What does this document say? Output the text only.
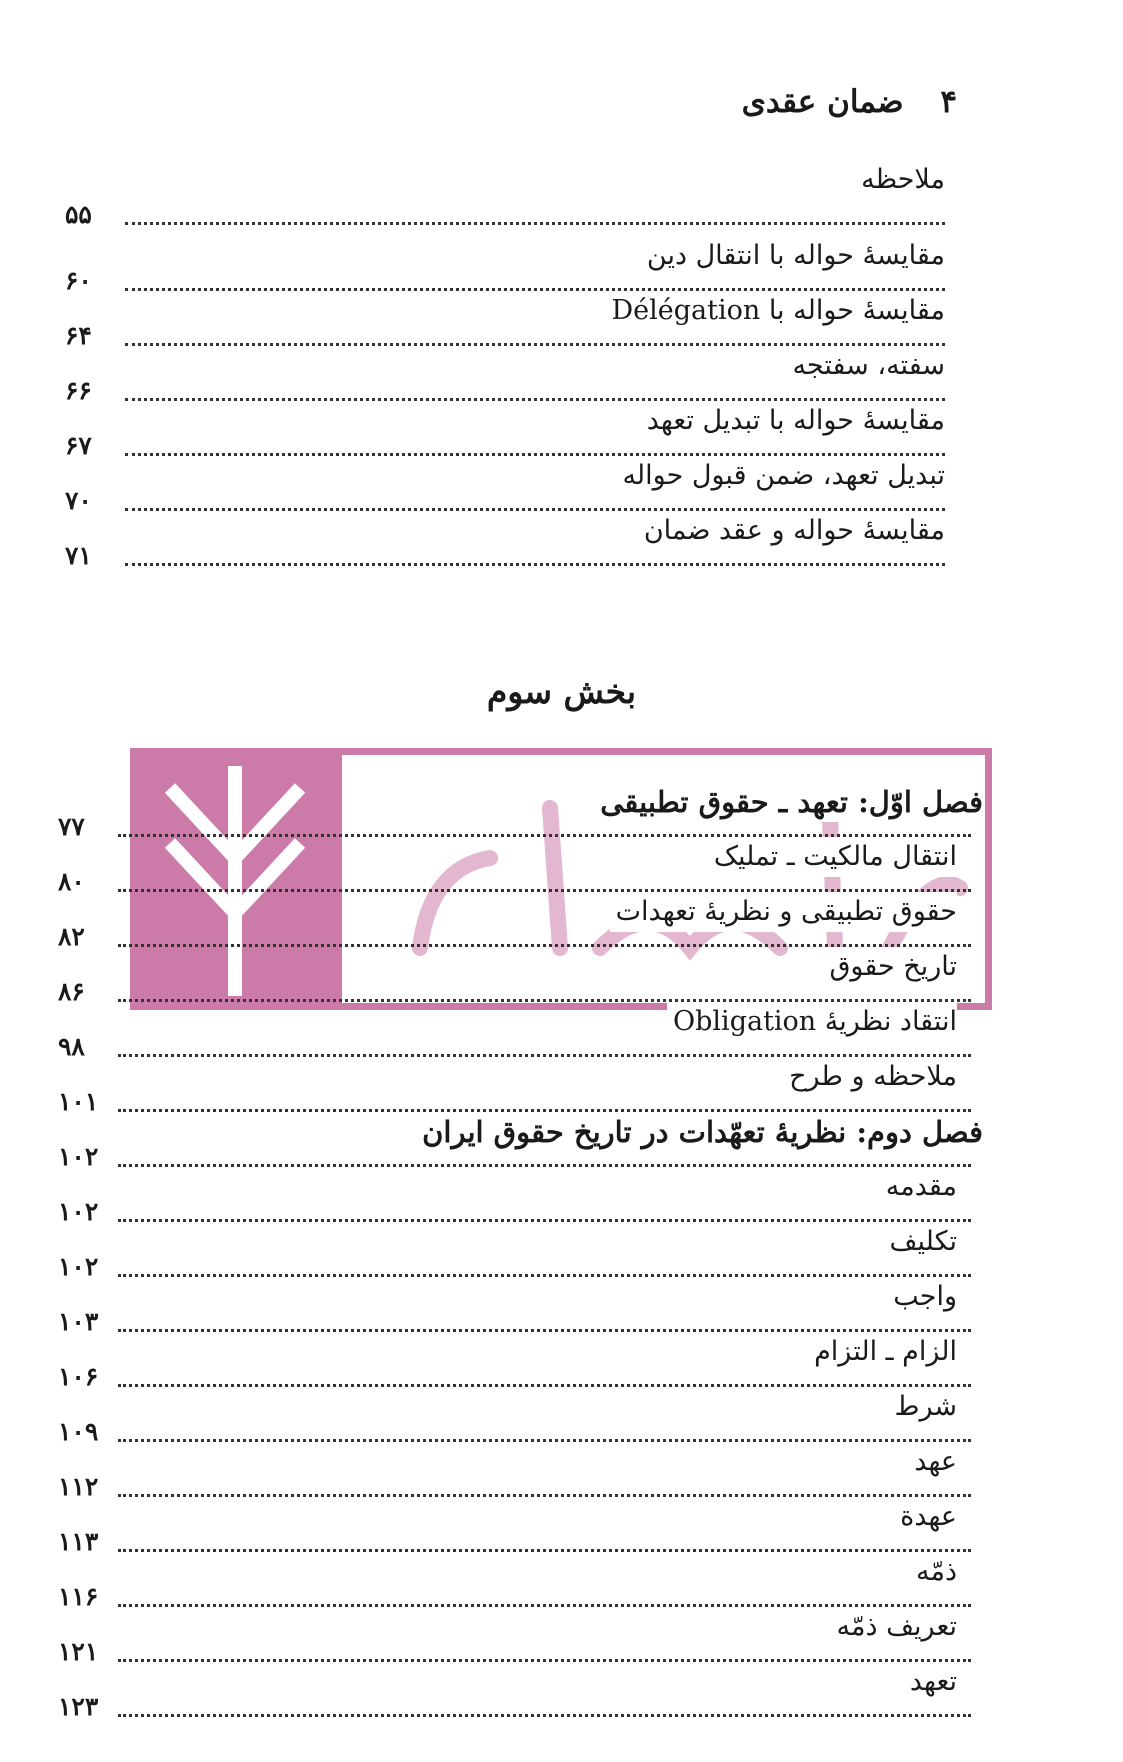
۴ ضمان عقدی
ملاحظه
۵۵
مقایسهٔ حواله با انتقال دین
۶۰
مقایسهٔ حواله با Délégation
۶۴
سفته، سفتجه
۶۶
مقایسهٔ حواله با تبدیل تعهد
۶۷
تبدیل تعهد، ضمن قبول حواله
۷۰
مقایسهٔ حواله و عقد ضمان
۷۱
بخش سوم
فصل اوّل: تعهد ـ حقوق تطبیقی
۷۷
انتقال مالکیت ـ تملیک
۸۰
حقوق تطبیقی و نظریهٔ تعهدات
۸۲
تاریخ حقوق
۸۶
انتقاد نظریهٔ Obligation
۹۸
ملاحظه و طرح
۱۰۱
فصل دوم: نظریهٔ تعهّدات در تاریخ حقوق ایران
۱۰۲
مقدمه
۱۰۲
تکلیف
۱۰۲
واجب
۱۰۳
الزام ـ التزام
۱۰۶
شرط
۱۰۹
عهد
۱۱۲
عهدة
۱۱۳
ذمّه
۱۱۶
تعریف ذمّه
۱۲۱
تعهد
۱۲۳
